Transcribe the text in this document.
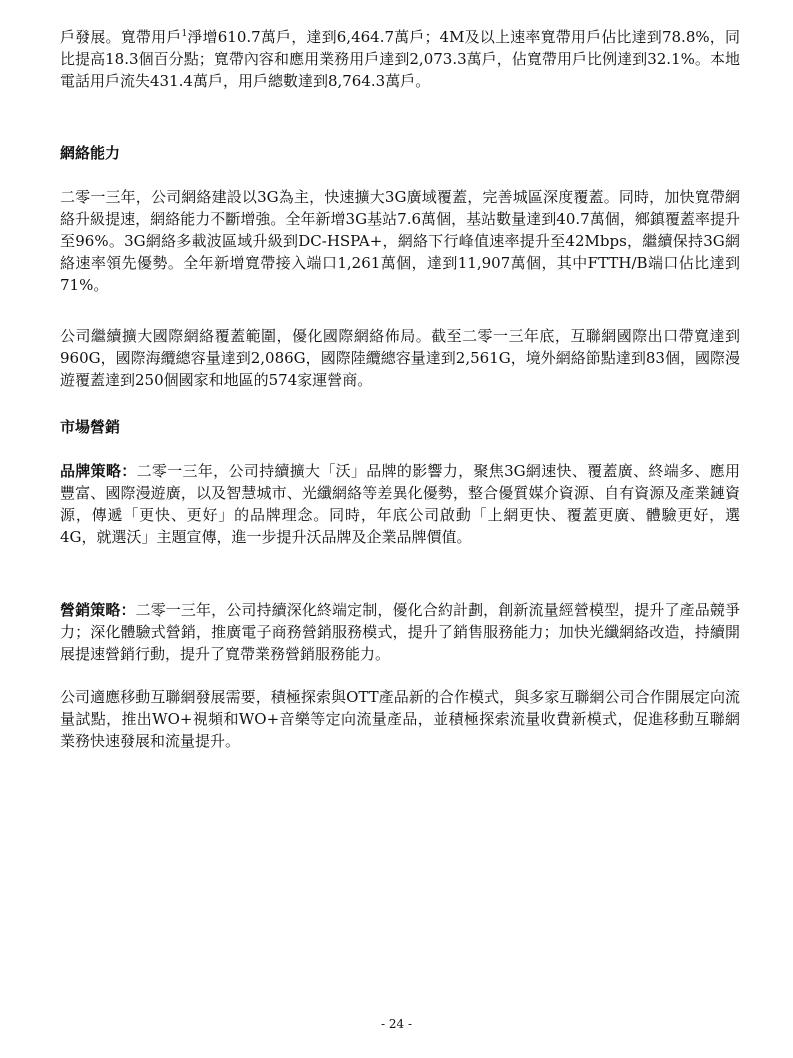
戶發展。寬帶用戶$^1$淨增610.7萬戶，達到6,464.7萬戶；4M及以上速率寬帶用戶佔比達到78.8%，同比提高18.3個百分點；寬帶內容和應用業務用戶達到2,073.3萬戶，佔寬帶用戶比例達到32.1%。本地電話用戶流失431.4萬戶，用戶總數達到8,764.3萬戶。

網絡能力

二零一三年，公司網絡建設以3G為主，快速擴大3G廣域覆蓋，完善城區深度覆蓋。同時，加快寬帶網絡升級提速，網絡能力不斷增強。全年新增3G基站7.6萬個，基站數量達到40.7萬個，鄉鎮覆蓋率提升至96%。3G網絡多載波區域升級到DC-HSPA+，網絡下行峰值速率提升至42Mbps，繼續保持3G網絡速率領先優勢。全年新增寬帶接入端口1,261萬個，達到11,907萬個，其中FTTH/B端口佔比達到71%。

公司繼續擴大國際網絡覆蓋範圍，優化國際網絡佈局。截至二零一三年底，互聯網國際出口帶寬達到960G，國際海纜總容量達到2,086G，國際陸纜總容量達到2,561G，境外網絡節點達到83個，國際漫遊覆蓋達到250個國家和地區的574家運營商。

市場營銷

品牌策略：二零一三年，公司持續擴大「沃」品牌的影響力，聚焦3G網速快、覆蓋廣、終端多、應用豐富、國際漫遊廣，以及智慧城市、光纖網絡等差異化優勢，整合優質媒介資源、自有資源及產業鏈資源，傳遞「更快、更好」的品牌理念。同時，年底公司啟動「上網更快、覆蓋更廣、體驗更好，選4G，就選沃」主題宣傳，進一步提升沃品牌及企業品牌價值。

營銷策略：二零一三年，公司持續深化終端定制，優化合約計劃，創新流量經營模型，提升了產品競爭力；深化體驗式營銷，推廣電子商務營銷服務模式，提升了銷售服務能力；加快光纖網絡改造，持續開展提速營銷行動，提升了寬帶業務營銷服務能力。

公司適應移動互聯網發展需要，積極探索與OTT產品新的合作模式，與多家互聯網公司合作開展定向流量試點，推出WO+視頻和WO+音樂等定向流量產品，並積極探索流量收費新模式，促進移動互聯網業務快速發展和流量提升。

- 24 -
